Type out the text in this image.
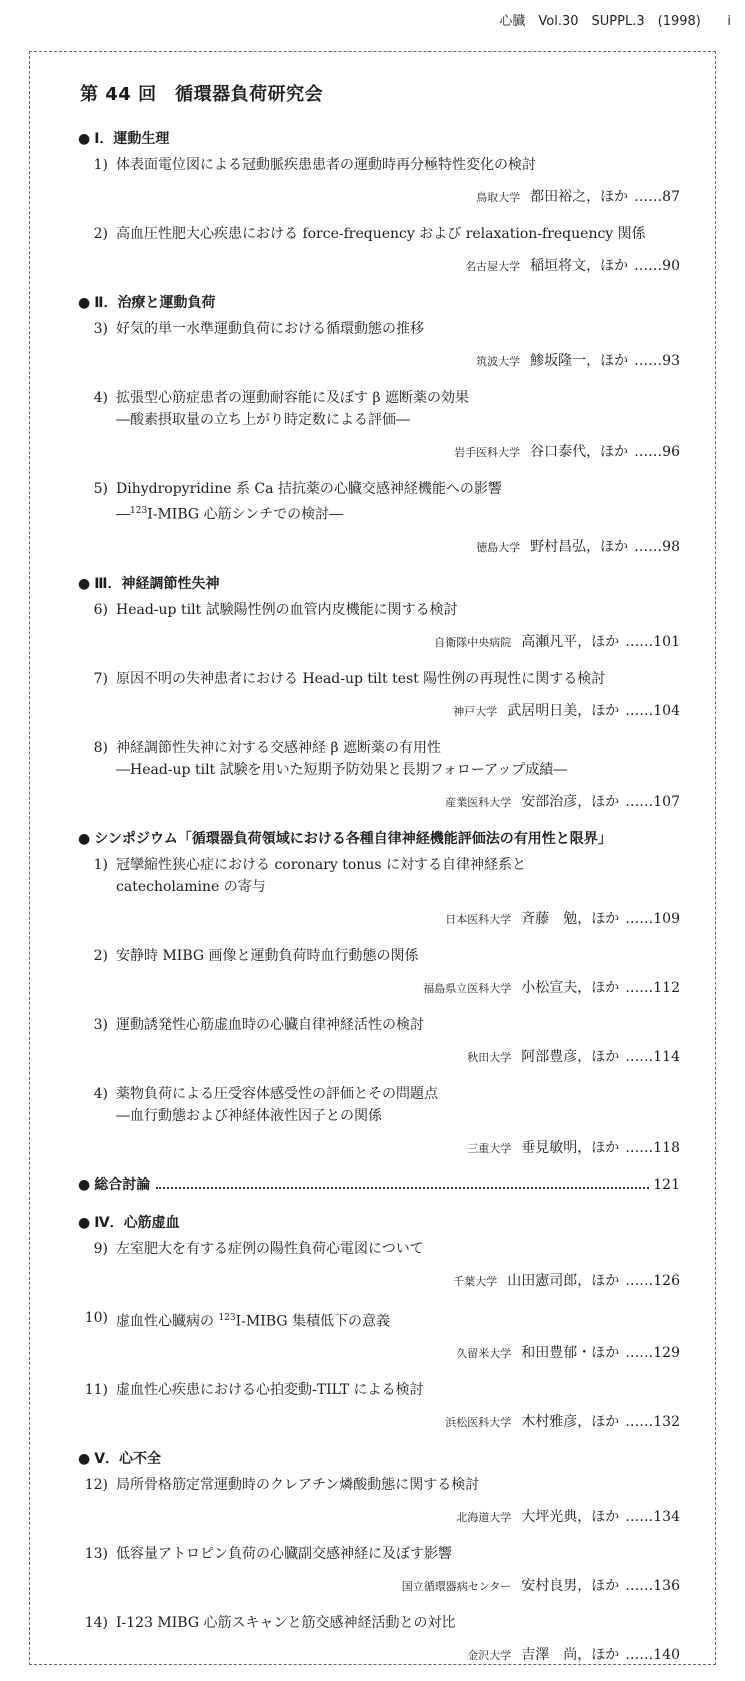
心臓　Vol.30　SUPPL.3　(1998) i
第 44 回　循環器負荷研究会
● Ⅰ．運動生理
1) 体表面電位図による冠動脈疾患患者の運動時再分極特性変化の検討
鳥取大学 都田裕之，ほか ……87
2) 高血圧性肥大心疾患における force-frequency および relaxation-frequency 関係
名古屋大学 稲垣将文，ほか ……90
● Ⅱ．治療と運動負荷
3) 好気的単一水準運動負荷における循環動態の推移
筑波大学 鯵坂隆一，ほか ……93
4) 拡張型心筋症患者の運動耐容能に及ぼす β 遮断薬の効果
―酸素摂取量の立ち上がり時定数による評価―
岩手医科大学 谷口泰代，ほか ……96
5) Dihydropyridine 系 Ca 拮抗薬の心臓交感神経機能への影響
―$^{123}$I-MIBG 心筋シンチでの検討―
徳島大学 野村昌弘，ほか ……98
● Ⅲ．神経調節性失神
6) Head-up tilt 試験陽性例の血管内皮機能に関する検討
自衛隊中央病院 高瀬凡平，ほか ……101
7) 原因不明の失神患者における Head-up tilt test 陽性例の再現性に関する検討
神戸大学 武居明日美，ほか ……104
8) 神経調節性失神に対する交感神経 β 遮断薬の有用性
―Head-up tilt 試験を用いた短期予防効果と長期フォローアップ成績―
産業医科大学 安部治彦，ほか ……107
● シンポジウム「循環器負荷領域における各種自律神経機能評価法の有用性と限界」
1) 冠攣縮性狭心症における coronary tonus に対する自律神経系と
catecholamine の寄与
日本医科大学 斉藤　勉，ほか ……109
2) 安静時 MIBG 画像と運動負荷時血行動態の関係
福島県立医科大学 小松宣夫，ほか ……112
3) 運動誘発性心筋虚血時の心臓自律神経活性の検討
秋田大学 阿部豊彦，ほか ……114
4) 薬物負荷による圧受容体感受性の評価とその問題点
―血行動態および神経体液性因子との関係
三重大学 垂見敏明，ほか ……118
● 総合討論	121
● Ⅳ．心筋虚血
9) 左室肥大を有する症例の陽性負荷心電図について
千葉大学 山田憲司郎，ほか ……126
10) 虚血性心臓病の $^{123}$I-MIBG 集積低下の意義
久留米大学 和田豊郁・ほか ……129
11) 虚血性心疾患における心拍変動-TILT による検討
浜松医科大学 木村雅彦，ほか ……132
● Ⅴ．心不全
12) 局所骨格筋定常運動時のクレアチン燐酸動態に関する検討
北海道大学 大坪光典，ほか ……134
13) 低容量アトロピン負荷の心臓副交感神経に及ぼす影響
国立循環器病センター 安村良男，ほか ……136
14) I-123 MIBG 心筋スキャンと筋交感神経活動との対比
金沢大学 吉澤　尚，ほか ……140
